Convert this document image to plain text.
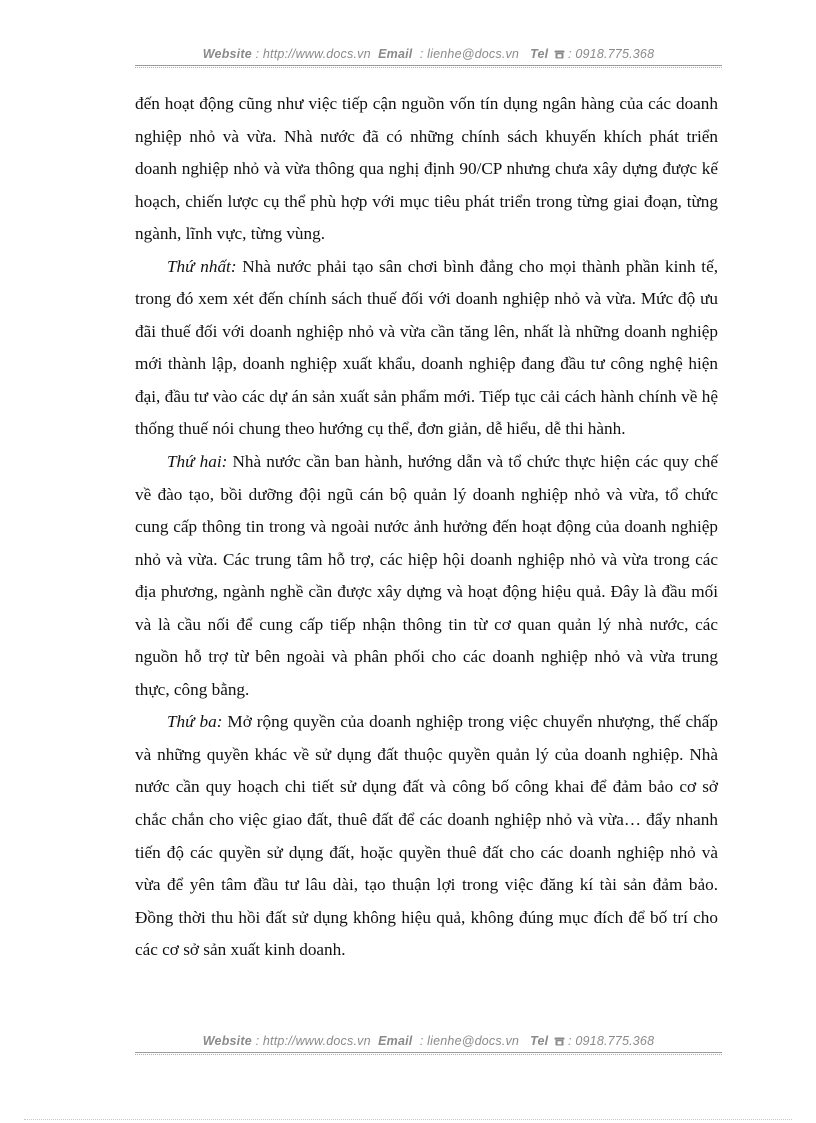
Website : http://www.docs.vn Email : lienhe@docs.vn Tel : 0918.775.368

đến hoạt động cũng như việc tiếp cận nguồn vốn tín dụng ngân hàng của các doanh nghiệp nhỏ và vừa. Nhà nước đã có những chính sách khuyến khích phát triển doanh nghiệp nhỏ và vừa thông qua nghị định 90/CP nhưng chưa xây dựng được kế hoạch, chiến lược cụ thể phù hợp với mục tiêu phát triển trong từng giai đoạn, từng ngành, lĩnh vực, từng vùng.

Thứ nhất: Nhà nước phải tạo sân chơi bình đẳng cho mọi thành phần kinh tế, trong đó xem xét đến chính sách thuế đối với doanh nghiệp nhỏ và vừa. Mức độ ưu đãi thuế đối với doanh nghiệp nhỏ và vừa cần tăng lên, nhất là những doanh nghiệp mới thành lập, doanh nghiệp xuất khẩu, doanh nghiệp đang đầu tư công nghệ hiện đại, đầu tư vào các dự án sản xuất sản phẩm mới. Tiếp tục cải cách hành chính về hệ thống thuế nói chung theo hướng cụ thể, đơn giản, dễ hiểu, dễ thi hành.

Thứ hai: Nhà nước cần ban hành, hướng dẫn và tổ chức thực hiện các quy chế về đào tạo, bồi dưỡng đội ngũ cán bộ quản lý doanh nghiệp nhỏ và vừa, tổ chức cung cấp thông tin trong và ngoài nước ảnh hưởng đến hoạt động của doanh nghiệp nhỏ và vừa. Các trung tâm hỗ trợ, các hiệp hội doanh nghiệp nhỏ và vừa trong các địa phương, ngành nghề cần được xây dựng và hoạt động hiệu quả. Đây là đầu mối và là cầu nối để cung cấp tiếp nhận thông tin từ cơ quan quản lý nhà nước, các nguồn hỗ trợ từ bên ngoài và phân phối cho các doanh nghiệp nhỏ và vừa trung thực, công bằng.

Thứ ba: Mở rộng quyền của doanh nghiệp trong việc chuyển nhượng, thế chấp và những quyền khác về sử dụng đất thuộc quyền quản lý của doanh nghiệp. Nhà nước cần quy hoạch chi tiết sử dụng đất và công bố công khai để đảm bảo cơ sở chắc chắn cho việc giao đất, thuê đất để các doanh nghiệp nhỏ và vừa… đẩy nhanh tiến độ các quyền sử dụng đất, hoặc quyền thuê đất cho các doanh nghiệp nhỏ và vừa để yên tâm đầu tư lâu dài, tạo thuận lợi trong việc đăng kí tài sản đảm bảo. Đồng thời thu hồi đất sử dụng không hiệu quả, không đúng mục đích để bố trí cho các cơ sở sản xuất kinh doanh.

Website : http://www.docs.vn Email : lienhe@docs.vn Tel : 0918.775.368
